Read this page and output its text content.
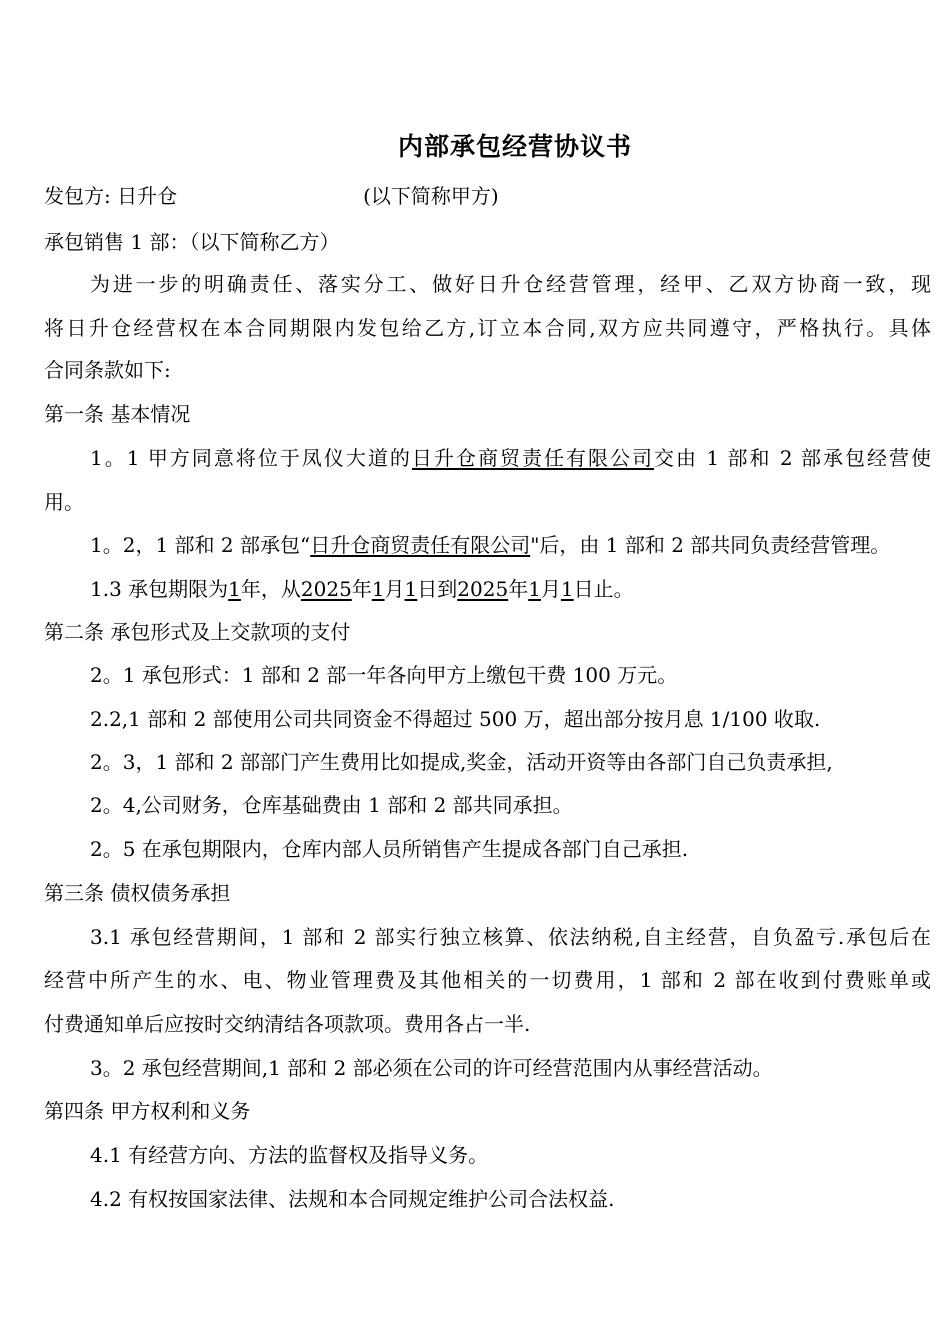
内部承包经营协议书
发包方: 日升仓	(以下简称甲方)
承包销售 1 部：（以下简称乙方）
为进一步的明确责任、落实分工、做好日升仓经营管理，经甲、乙双方协商一致，现
将日升仓经营权在本合同期限内发包给乙方,订立本合同,双方应共同遵守，严格执行。具体
合同条款如下:
第一条 基本情况
1。1 甲方同意将位于凤仪大道的日升仓商贸责任有限公司交由 1 部和 2 部承包经营使
用。
1。2，1 部和 2 部承包“日升仓商贸责任有限公司"后，由 1 部和 2 部共同负责经营管理。
1.3 承包期限为1年，从2025年1月1日到2025年1月1日止。
第二条 承包形式及上交款项的支付
2。1 承包形式：1 部和 2 部一年各向甲方上缴包干费 100 万元。
2.2,1 部和 2 部使用公司共同资金不得超过 500 万，超出部分按月息 1/100 收取.
2。3，1 部和 2 部部门产生费用比如提成,奖金，活动开资等由各部门自己负责承担,
2。4,公司财务，仓库基础费由 1 部和 2 部共同承担。
2。5 在承包期限内，仓库内部人员所销售产生提成各部门自己承担.
第三条 债权债务承担
3.1 承包经营期间，1 部和 2 部实行独立核算、依法纳税,自主经营，自负盈亏.承包后在
经营中所产生的水、电、物业管理费及其他相关的一切费用，1 部和 2 部在收到付费账单或
付费通知单后应按时交纳清结各项款项。费用各占一半.
3。2 承包经营期间,1 部和 2 部必须在公司的许可经营范围内从事经营活动。
第四条 甲方权利和义务
4.1 有经营方向、方法的监督权及指导义务。
4.2 有权按国家法律、法规和本合同规定维护公司合法权益.
